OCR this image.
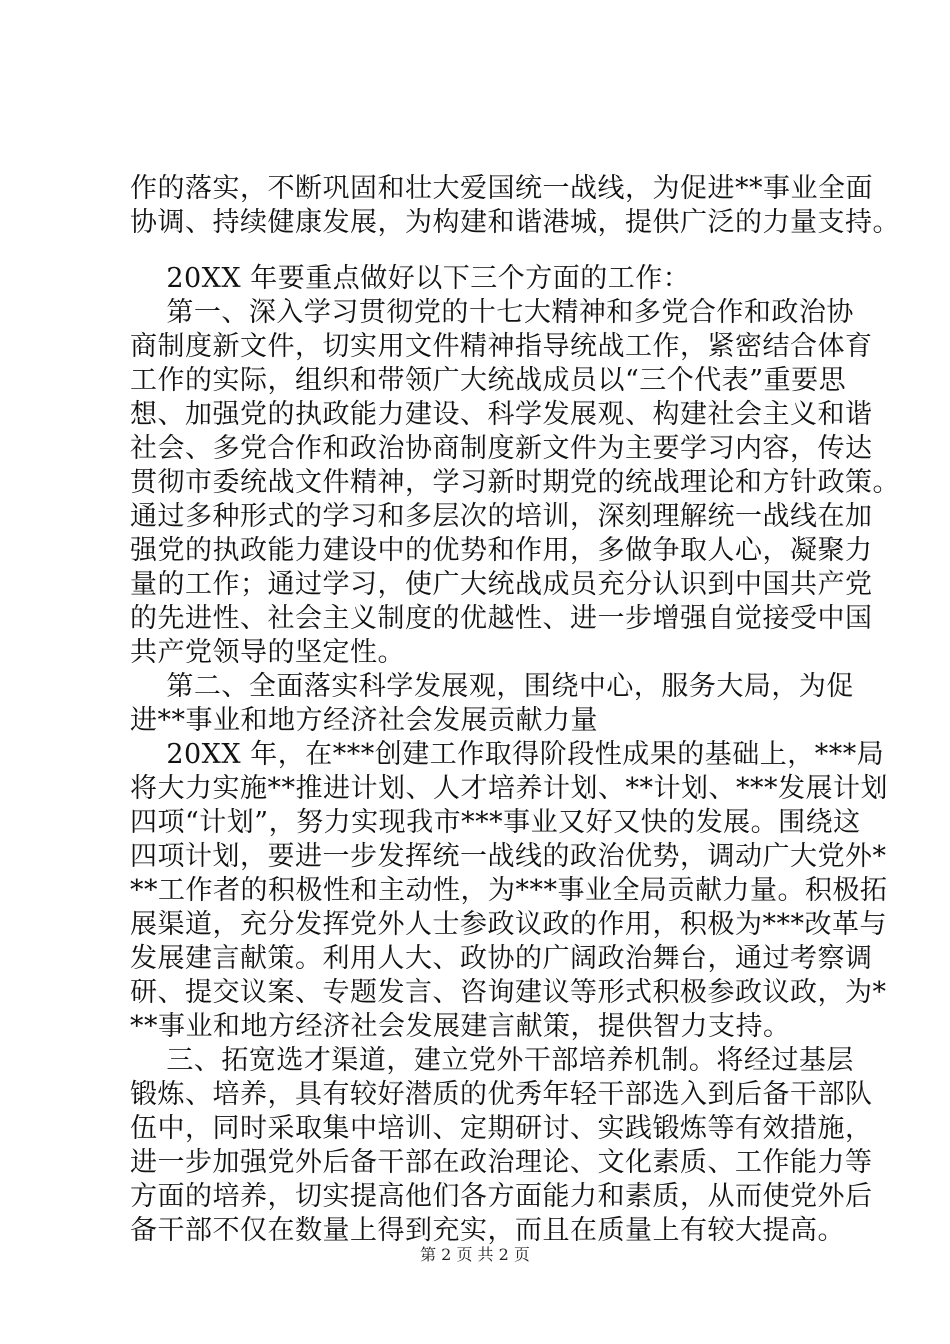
作的落实，不断巩固和壮大爱国统一战线，为促进**事业全面
协调、持续健康发展，为构建和谐港城，提供广泛的力量支持。
20XX 年要重点做好以下三个方面的工作：
第一、深入学习贯彻党的十七大精神和多党合作和政治协
商制度新文件，切实用文件精神指导统战工作，紧密结合体育
工作的实际，组织和带领广大统战成员以“三个代表”重要思
想、加强党的执政能力建设、科学发展观、构建社会主义和谐
社会、多党合作和政治协商制度新文件为主要学习内容，传达
贯彻市委统战文件精神，学习新时期党的统战理论和方针政策。
通过多种形式的学习和多层次的培训，深刻理解统一战线在加
强党的执政能力建设中的优势和作用，多做争取人心，凝聚力
量的工作；通过学习，使广大统战成员充分认识到中国共产党
的先进性、社会主义制度的优越性、进一步增强自觉接受中国
共产党领导的坚定性。
第二、全面落实科学发展观，围绕中心，服务大局，为促
进**事业和地方经济社会发展贡献力量
20XX 年，在***创建工作取得阶段性成果的基础上，***局
将大力实施**推进计划、人才培养计划、**计划、***发展计划
四项“计划”，努力实现我市***事业又好又快的发展。围绕这
四项计划，要进一步发挥统一战线的政治优势，调动广大党外*
**工作者的积极性和主动性，为***事业全局贡献力量。积极拓
展渠道，充分发挥党外人士参政议政的作用，积极为***改革与
发展建言献策。利用人大、政协的广阔政治舞台，通过考察调
研、提交议案、专题发言、咨询建议等形式积极参政议政，为*
**事业和地方经济社会发展建言献策，提供智力支持。
三、拓宽选才渠道，建立党外干部培养机制。将经过基层
锻炼、培养，具有较好潜质的优秀年轻干部选入到后备干部队
伍中，同时采取集中培训、定期研讨、实践锻炼等有效措施，
进一步加强党外后备干部在政治理论、文化素质、工作能力等
方面的培养，切实提高他们各方面能力和素质，从而使党外后
备干部不仅在数量上得到充实，而且在质量上有较大提高。
第 2 页 共 2 页
